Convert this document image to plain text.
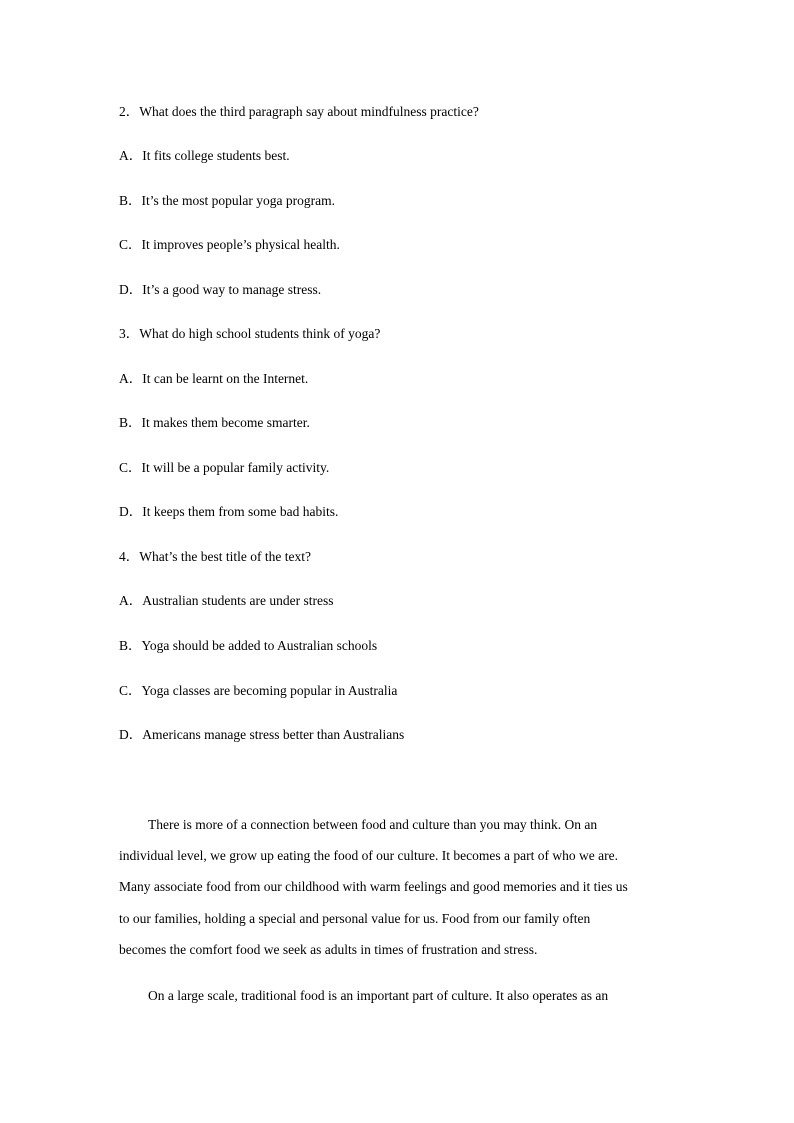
2．What does the third paragraph say about mindfulness practice?
A．It fits college students best.
B．It’s the most popular yoga program.
C．It improves people’s physical health.
D．It’s a good way to manage stress.
3．What do high school students think of yoga?
A．It can be learnt on the Internet.
B．It makes them become smarter.
C．It will be a popular family activity.
D．It keeps them from some bad habits.
4．What’s the best title of the text?
A．Australian students are under stress
B．Yoga should be added to Australian schools
C．Yoga classes are becoming popular in Australia
D．Americans manage stress better than Australians

There is more of a connection between food and culture than you may think. On an individual level, we grow up eating the food of our culture. It becomes a part of who we are. Many associate food from our childhood with warm feelings and good memories and it ties us to our families, holding a special and personal value for us. Food from our family often becomes the comfort food we seek as adults in times of frustration and stress.

On a large scale, traditional food is an important part of culture. It also operates as an
